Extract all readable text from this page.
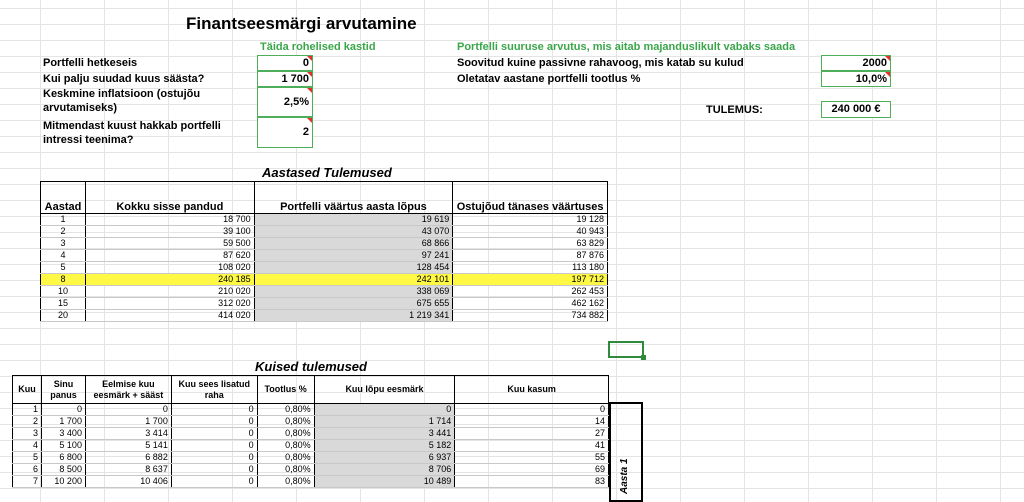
Finantseesmärgi arvutamine
Täida rohelised kastid	Portfelli suuruse arvutus, mis aitab majanduslikult vabaks saada
Portfelli hetkeseis	0
Kui palju suudad kuus säästa?	1 700
Keskmine inflatsioon (ostujõu
arvutamiseks)	2,5%
Mitmendast kuust hakkab portfelli
intressi teenima?
2
Soovitud kuine passivne rahavoog, mis katab su kulud	2000
Oletatav aastane portfelli tootlus %	10,0%
TULEMUS:	240 000 €
Aastased Tulemused
Aastad	Kokku sisse pandud	Portfelli väärtus aasta lõpus	Ostujõud tänases väärtuses
1	18 700	19 619	19 128
2	39 100	43 070	40 943
3	59 500	68 866	63 829
4	87 620	97 241	87 876
5	108 020	128 454	113 180
8	240 185	242 101	197 712
10	210 020	338 069	262 453
15	312 020	675 655	462 162
20	414 020	1 219 341	734 882
Kuised tulemused
Kuu	Sinu panus	Eelmise kuu eesmärk + sääst	Kuu sees lisatud raha	Tootlus %	Kuu lõpu eesmärk	Kuu kasum
1	0	0	0	0,80%	0	0
2	1 700	1 700	0	0,80%	1 714	14
3	3 400	3 414	0	0,80%	3 441	27
4	5 100	5 141	0	0,80%	5 182	41
5	6 800	6 882	0	0,80%	6 937	55
6	8 500	8 637	0	0,80%	8 706	69
7	10 200	10 406	0	0,80%	10 489	83 Aasta 1
